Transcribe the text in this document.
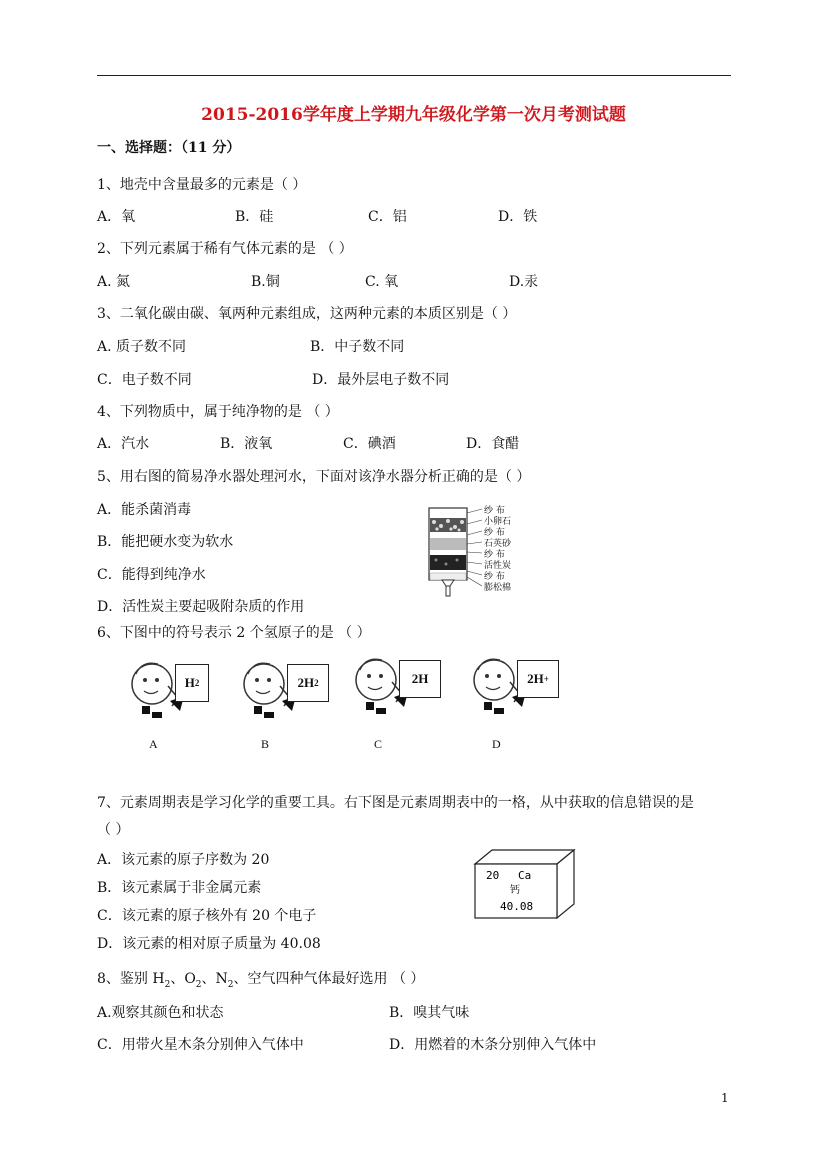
2015-2016学年度上学期九年级化学第一次月考测试题
一、选择题：（11 分）
1、地壳中含量最多的元素是（ ）
A．氧	B．硅	C．铝	D．铁
2、下列元素属于稀有气体元素的是 （ ）
A. 氮	B.铜	C. 氧	D.汞
3、二氧化碳由碳、氧两种元素组成，这两种元素的本质区别是（ ）
A. 质子数不同	B．中子数不同
C．电子数不同	D．最外层电子数不同
4、下列物质中，属于纯净物的是 （ ）
A．汽水	B．液氧	C．碘酒	D．食醋
5、用右图的简易净水器处理河水，下面对该净水器分析正确的是（ ）
A．能杀菌消毒
B．能把硬水变为软水
C．能得到纯净水
D．活性炭主要起吸附杂质的作用
纱 布
小卵石
纱 布
石英砂
纱 布
活性炭
纱 布
膨松棉
6、下图中的符号表示 2 个氢原子的是 （ ）
H 2
A
2H 2
B
2H
C
2H +
D
7、元素周期表是学习化学的重要工具。右下图是元素周期表中的一格，从中获取的信息错误的是
（ ）
A．该元素的原子序数为 20
B．该元素属于非金属元素
C．该元素的原子核外有 20 个电子
D．该元素的相对原子质量为 40.08
20 Ca
钙
40.08
8、鉴别 $H_2$、$O_2$、$N_2$、空气四种气体最好选用 （ ）
A.观察其颜色和状态	B．嗅其气味
C．用带火星木条分别伸入气体中	D．用燃着的木条分别伸入气体中
1
